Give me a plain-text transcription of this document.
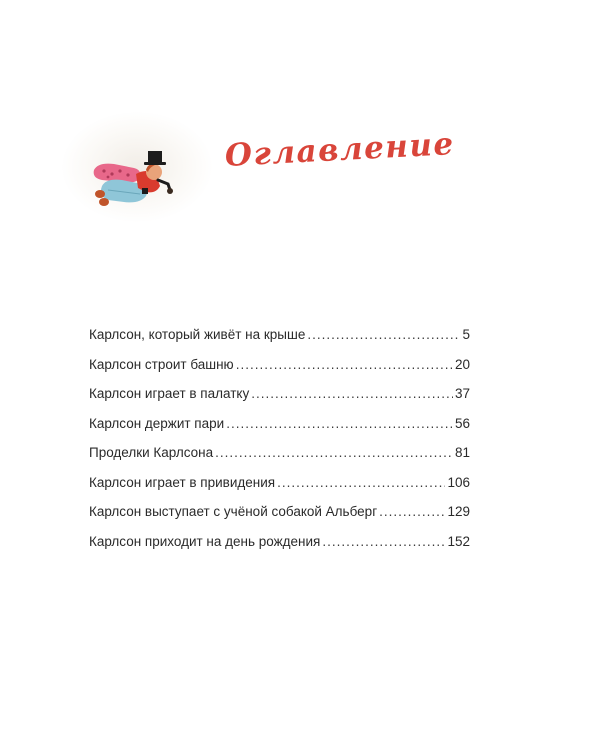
Оглавление
Карлсон, который живёт на крыше .....	5
Карлсон строит башню .....	20
Карлсон играет в палатку .....	37
Карлсон держит пари .....	56
Проделки Карлсона .....	81
Карлсон играет в привидения .....	106
Карлсон выступает с учёной собакой Альберг .....	129
Карлсон приходит на день рождения .....	152
